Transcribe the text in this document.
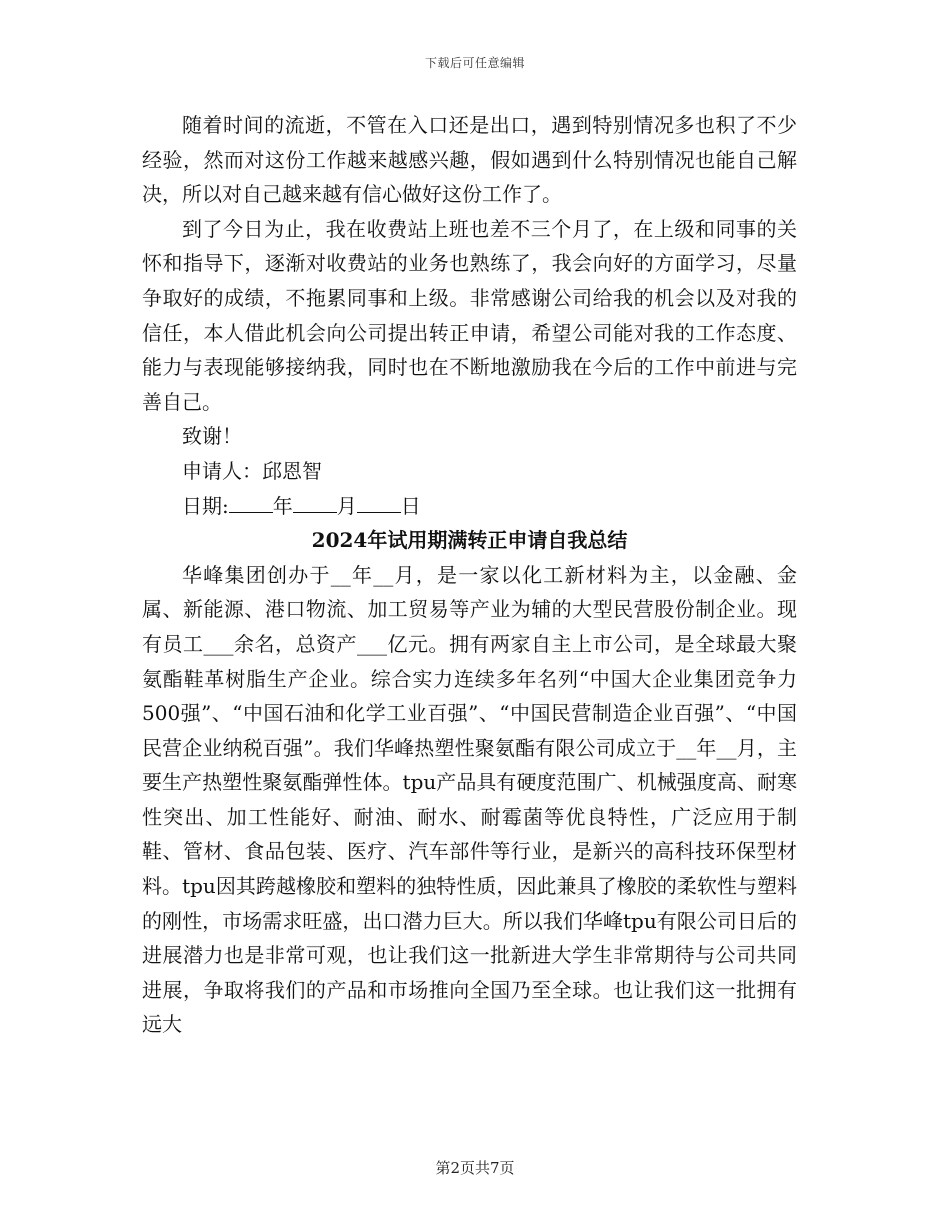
下载后可任意编辑

随着时间的流逝，不管在入口还是出口，遇到特别情况多也积了不少经验，然而对这份工作越来越感兴趣，假如遇到什么特别情况也能自己解决，所以对自己越来越有信心做好这份工作了。

到了今日为止，我在收费站上班也差不三个月了，在上级和同事的关怀和指导下，逐渐对收费站的业务也熟练了，我会向好的方面学习，尽量争取好的成绩，不拖累同事和上级。非常感谢公司给我的机会以及对我的信任，本人借此机会向公司提出转正申请，希望公司能对我的工作态度、能力与表现能够接纳我，同时也在不断地激励我在今后的工作中前进与完善自己。

致谢！
申请人：邱恩智
日期: 年 月 日
2024年试用期满转正申请自我总结

华峰集团创办于__年__月，是一家以化工新材料为主，以金融、金属、新能源、港口物流、加工贸易等产业为辅的大型民营股份制企业。现有员工___余名，总资产___亿元。拥有两家自主上市公司，是全球最大聚氨酯鞋革树脂生产企业。综合实力连续多年名列“中国大企业集团竞争力500强”、“中国石油和化学工业百强”、“中国民营制造企业百强”、“中国民营企业纳税百强”。我们华峰热塑性聚氨酯有限公司成立于__年__月，主要生产热塑性聚氨酯弹性体。tpu产品具有硬度范围广、机械强度高、耐寒性突出、加工性能好、耐油、耐水、耐霉菌等优良特性，广泛应用于制鞋、管材、食品包装、医疗、汽车部件等行业，是新兴的高科技环保型材料。tpu因其跨越橡胶和塑料的独特性质，因此兼具了橡胶的柔软性与塑料的刚性，市场需求旺盛，出口潜力巨大。所以我们华峰tpu有限公司日后的进展潜力也是非常可观，也让我们这一批新进大学生非常期待与公司共同进展，争取将我们的产品和市场推向全国乃至全球。也让我们这一批拥有远大

第2页共7页
